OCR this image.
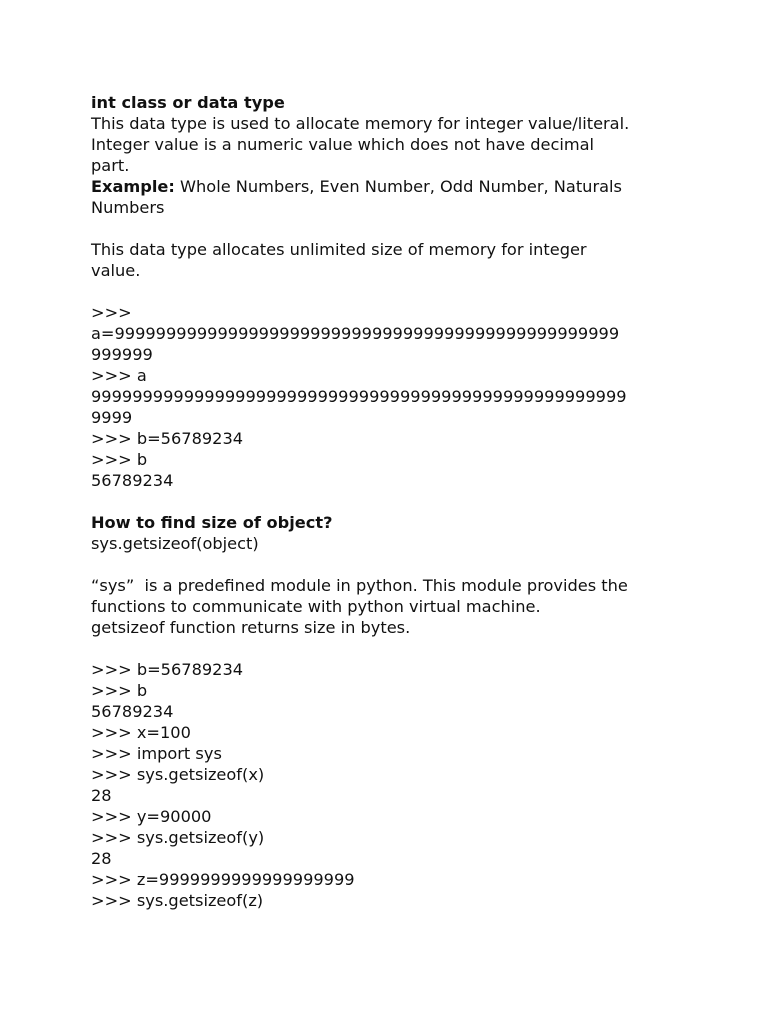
int class or data type
This data type is used to allocate memory for integer value/literal.
Integer value is a numeric value which does not have decimal
part.
Example: Whole Numbers, Even Number, Odd Number, Naturals
Numbers
This data type allocates unlimited size of memory for integer
value.
>>>
a=9999999999999999999999999999999999999999999999999
999999
>>> a
9999999999999999999999999999999999999999999999999999
9999
>>> b=56789234
>>> b
56789234
How to find size of object?
sys.getsizeof(object)
“sys”  is a predefined module in python. This module provides the
functions to communicate with python virtual machine.
getsizeof function returns size in bytes.
>>> b=56789234
>>> b
56789234
>>> x=100
>>> import sys
>>> sys.getsizeof(x)
28
>>> y=90000
>>> sys.getsizeof(y)
28
>>> z=9999999999999999999
>>> sys.getsizeof(z)
